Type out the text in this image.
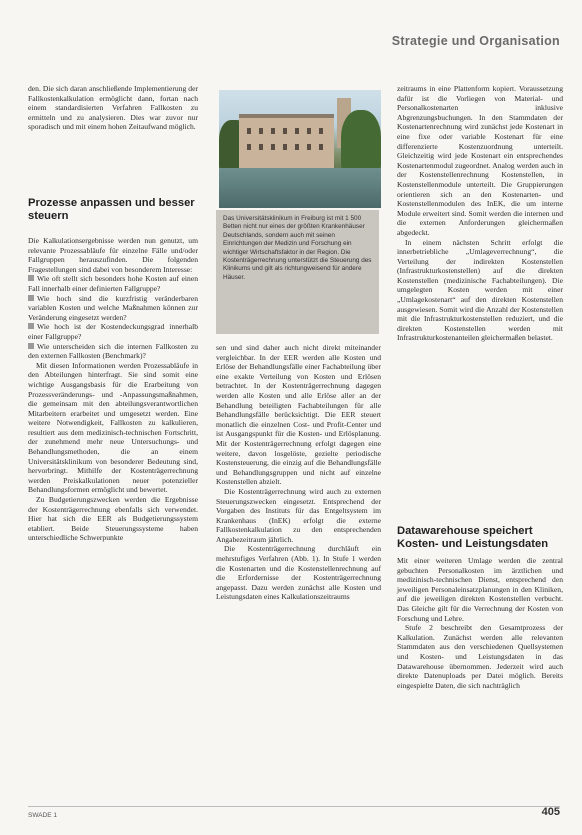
Strategie und Organisation

den. Die sich daran anschließende Implementierung der Fallkostenkalkulation ermöglicht dann, fortan nach einem standardisierten Verfahren Fallkosten zu ermitteln und zu analysieren. Dies war zuvor nur sporadisch und mit einem hohen Zeitaufwand möglich.

Prozesse anpassen und besser steuern

Die Kalkulationsergebnisse werden nun genutzt, um relevante Prozessabläufe für einzelne Fälle und/oder Fallgruppen herauszufinden. Die folgenden Fragestellungen sind dabei von besonderem Interesse:

Wie oft stellt sich besonders hohe Kosten auf einen Fall innerhalb einer definierten Fallgruppe?

Wie hoch sind die kurzfristig veränderbaren variablen Kosten und welche Maßnahmen können zur Veränderung eingesetzt werden?

Wie hoch ist der Kostendeckungsgrad innerhalb einer Fallgruppe?

Wie unterscheiden sich die internen Fallkosten zu den externen Fallkosten (Benchmark)?

Mit diesen Informationen werden Prozessabläufe in den Abteilungen hinterfragt. Sie sind somit eine wichtige Ausgangsbasis für die Erarbeitung von Prozessveränderungs- und -Anpassungsmaßnahmen, die gemeinsam mit den abteilungsverantwortlichen Mitarbeitern erarbeitet und umgesetzt werden. Eine weitere Notwendigkeit, Fallkosten zu kalkulieren, resultiert aus dem medizinisch-technischen Fortschritt, der zunehmend mehr neue Untersuchungs- und Behandlungsmethoden, die an einem Universitätsklinikum von besonderer Bedeutung sind, hervorbringt. Mithilfe der Kostenträgerrechnung werden Preiskalkulationen neuer potenzieller Behandlungsformen ermöglicht und bewertet.

Zu Budgetierungszwecken werden die Ergebnisse der Kostenträgerrechnung ebenfalls sich verwendet. Hier hat sich die EER als Budgetierungssystem etabliert. Beide Steuerungssysteme haben unterschiedliche Schwerpunkte

Das Universitätsklinikum in Freiburg ist mit 1 500 Betten nicht nur eines der größten Krankenhäuser Deutschlands, sondern auch mit seinen Einrichtungen der Medizin und Forschung ein wichtiger Wirtschaftsfaktor in der Region. Die Kostenträgerrechnung unterstützt die Steuerung des Klinikums und gilt als richtungweisend für andere Häuser.

sen und sind daher auch nicht direkt miteinander vergleichbar. In der EER werden alle Kosten und Erlöse der Behandlungsfälle einer Fachabteilung über eine exakte Verteilung von Kosten und Erlösen betrachtet. In der Kostenträgerrechnung dagegen werden alle Kosten und alle Erlöse aller an der Behandlung beteiligten Fachabteilungen für alle Behandlungsfälle berücksichtigt. Die EER steuert monatlich die einzelnen Cost- und Profit-Center und ist Ausgangspunkt für die Kosten- und Erlösplanung. Mit der Kostenträgerrechnung erfolgt dagegen eine weitere, davon losgelöste, gezielte periodische Kostensteuerung, die einzig auf die Behandlungsfälle und Behandlungsgruppen und nicht auf einzelne Kostenstellen abzielt.

Die Kostenträgerrechnung wird auch zu externen Steuerungszwecken eingesetzt. Entsprechend der Vorgaben des Instituts für das Entgeltsystem im Krankenhaus (InEK) erfolgt die externe Fallkostenkalkulation zu den entsprechenden Angabezeitraum jährlich.

Die Kostenträgerrechnung durchläuft ein mehrstufiges Verfahren (Abb. 1). In Stufe 1 werden die Kostenarten und die Kostenstellenrechnung auf die Erfordernisse der Kostenträgerrechnung angepasst. Dazu werden zunächst alle Kosten und Leistungsdaten eines Kalkulationszeitraums

zeitraums in eine Plattenform kopiert. Voraussetzung dafür ist die Vorliegen von Material- und Personalkostenarten inklusive Abgrenzungsbuchungen. In den Stammdaten der Kostenartenrechnung wird zunächst jede Kostenart in eine fixe oder variable Kostenart für eine differenzierte Kostenzuordnung unterteilt. Gleichzeitig wird jede Kostenart ein entsprechendes Kostenartenmodul zugeordnet. Analog werden auch in der Kostenstellenrechnung Kostenstellen, in Kostenstellenmodule unterteilt. Die Gruppierungen orientieren sich an den Kostenarten- und Kostenstellenmodulen des InEK, die um interne Module erweitert sind. Somit werden die internen und die externen Anforderungen gleichermaßen abgedeckt.

In einem nächsten Schritt erfolgt die innerbetriebliche „Umlageverrechnung“, die Verteilung der indirekten Kostenstellen (Infrastrukturkostenstellen) auf die direkten Kostenstellen (medizinische Fachabteilungen). Die umgelegten Kosten werden mit einer „Umlagekostenart“ auf den direkten Kostenstellen ausgewiesen. Somit wird die Anzahl der Kostenstellen mit die Infrastrukturkostenstellen reduziert, und die direkten Kostenstellen werden mit Infrastrukturkostenanteilen gleichermaßen belastet.

Datawarehouse speichert Kosten- und Leistungsdaten

Mit einer weiteren Umlage werden die zentral gebuchten Personalkosten im ärztlichen und medizinisch-technischen Dienst, entsprechend den jeweiligen Personaleinsatzplanungen in den Kliniken, auf die jeweiligen direkten Kostenstellen verbucht. Das Gleiche gilt für die Verrechnung der Kosten von Forschung und Lehre.

Stufe 2 beschreibt den Gesamtprozess der Kalkulation. Zunächst werden alle relevanten Stammdaten aus den verschiedenen Quellsystemen und Kosten- und Leistungsdaten in das Datawarehouse übernommen. Jederzeit wird auch direkte Datenuploads per Datei möglich. Bereits eingespielte Daten, die sich nachträglich

SWADE 1	405
